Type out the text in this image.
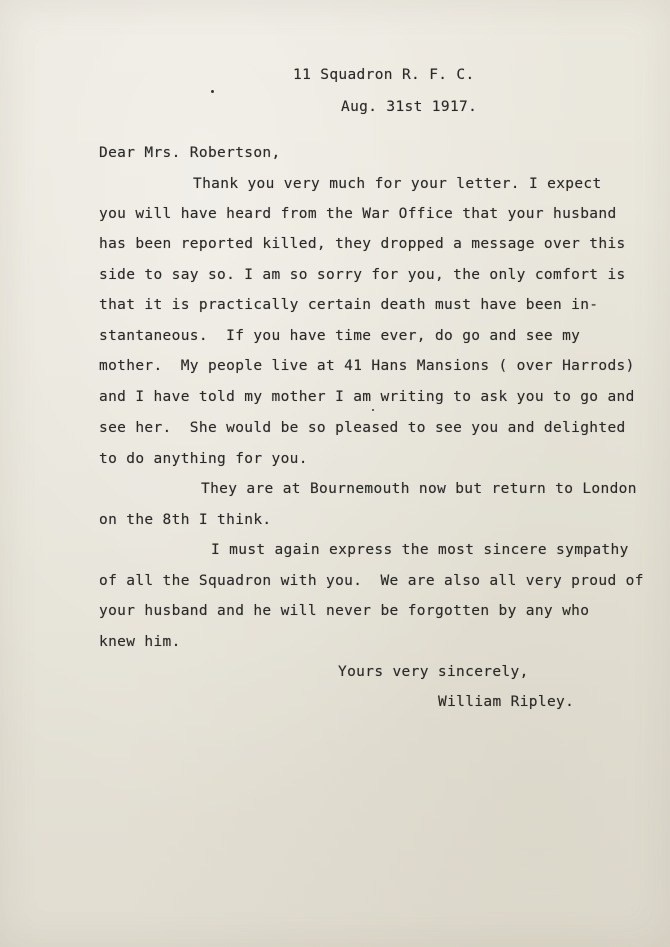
11 Squadron R. F. C.
Aug. 31st 1917.
Dear Mrs. Robertson,
Thank you very much for your letter. I expect
you will have heard from the War Office that your husband
has been reported killed, they dropped a message over this
side to say so. I am so sorry for you, the only comfort is
that it is practically certain death must have been in-
stantaneous.  If you have time ever, do go and see my
mother.  My people live at 41 Hans Mansions ( over Harrods)
and I have told my mother I am writing to ask you to go and
see her.  She would be so pleased to see you and delighted
to do anything for you.
They are at Bournemouth now but return to London
on the 8th I think.
I must again express the most sincere sympathy
of all the Squadron with you.  We are also all very proud of
your husband and he will never be forgotten by any who
knew him.
Yours very sincerely,
William Ripley.
